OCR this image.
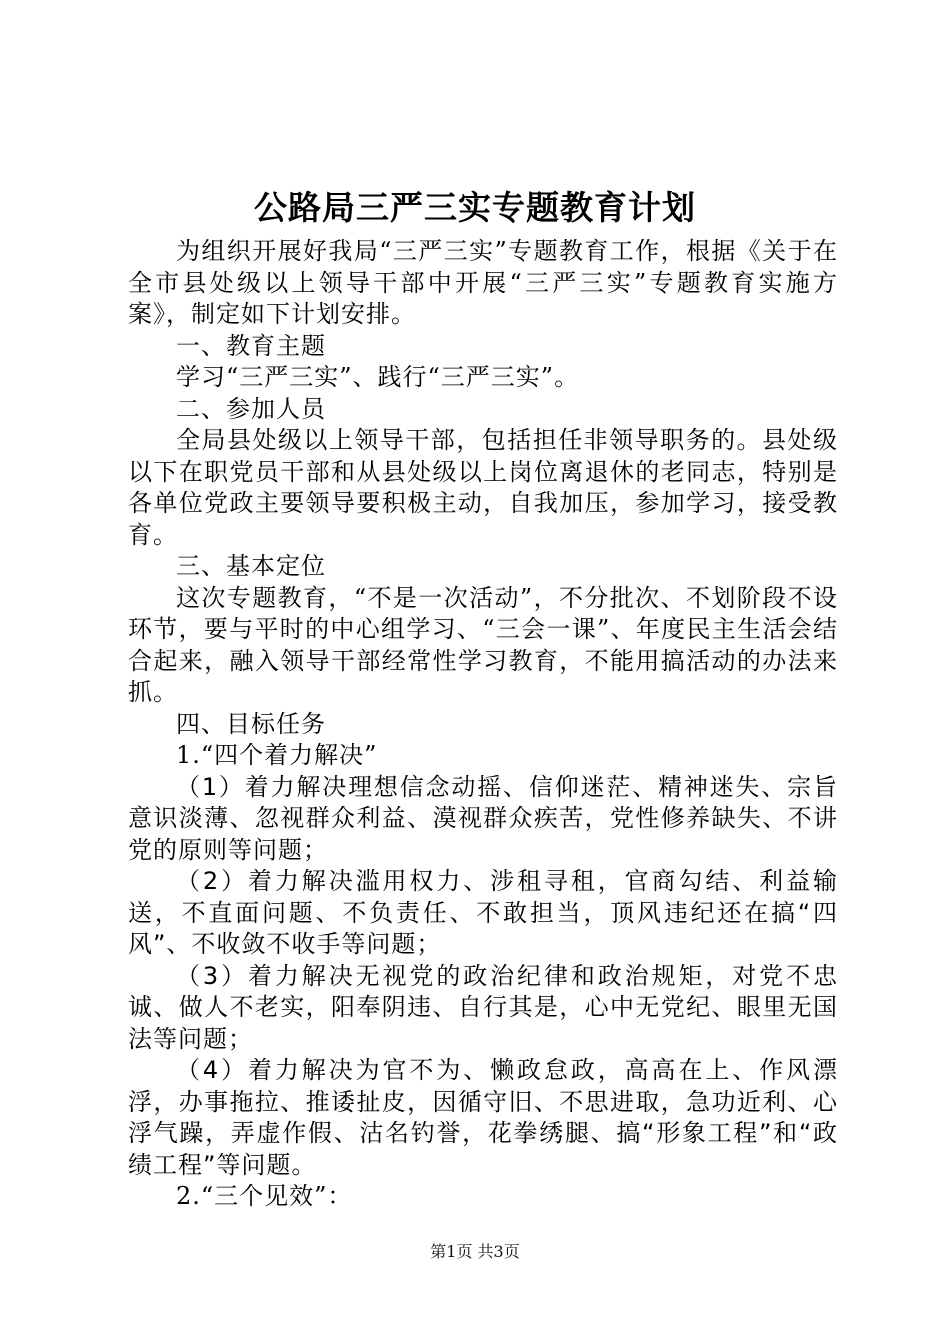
公路局三严三实专题教育计划

为组织开展好我局“三严三实”专题教育工作，根据《关于在全市县处级以上领导干部中开展“三严三实”专题教育实施方案》，制定如下计划安排。

一、教育主题

学习“三严三实”、践行“三严三实”。

二、参加人员

全局县处级以上领导干部，包括担任非领导职务的。县处级以下在职党员干部和从县处级以上岗位离退休的老同志，特别是各单位党政主要领导要积极主动，自我加压，参加学习，接受教育。

三、基本定位

这次专题教育，“不是一次活动”，不分批次、不划阶段不设环节，要与平时的中心组学习、“三会一课”、年度民主生活会结合起来，融入领导干部经常性学习教育，不能用搞活动的办法来抓。

四、目标任务

1.“四个着力解决”

（1）着力解决理想信念动摇、信仰迷茫、精神迷失、宗旨意识淡薄、忽视群众利益、漠视群众疾苦，党性修养缺失、不讲党的原则等问题；

（2）着力解决滥用权力、涉租寻租，官商勾结、利益输送，不直面问题、不负责任、不敢担当，顶风违纪还在搞“四风”、不收敛不收手等问题；

（3）着力解决无视党的政治纪律和政治规矩，对党不忠诚、做人不老实，阳奉阴违、自行其是，心中无党纪、眼里无国法等问题；

（4）着力解决为官不为、懒政怠政，高高在上、作风漂浮，办事拖拉、推诿扯皮，因循守旧、不思进取，急功近利、心浮气躁，弄虚作假、沽名钓誉，花拳绣腿、搞“形象工程”和“政绩工程”等问题。

2.“三个见效”：

第1页 共3页
